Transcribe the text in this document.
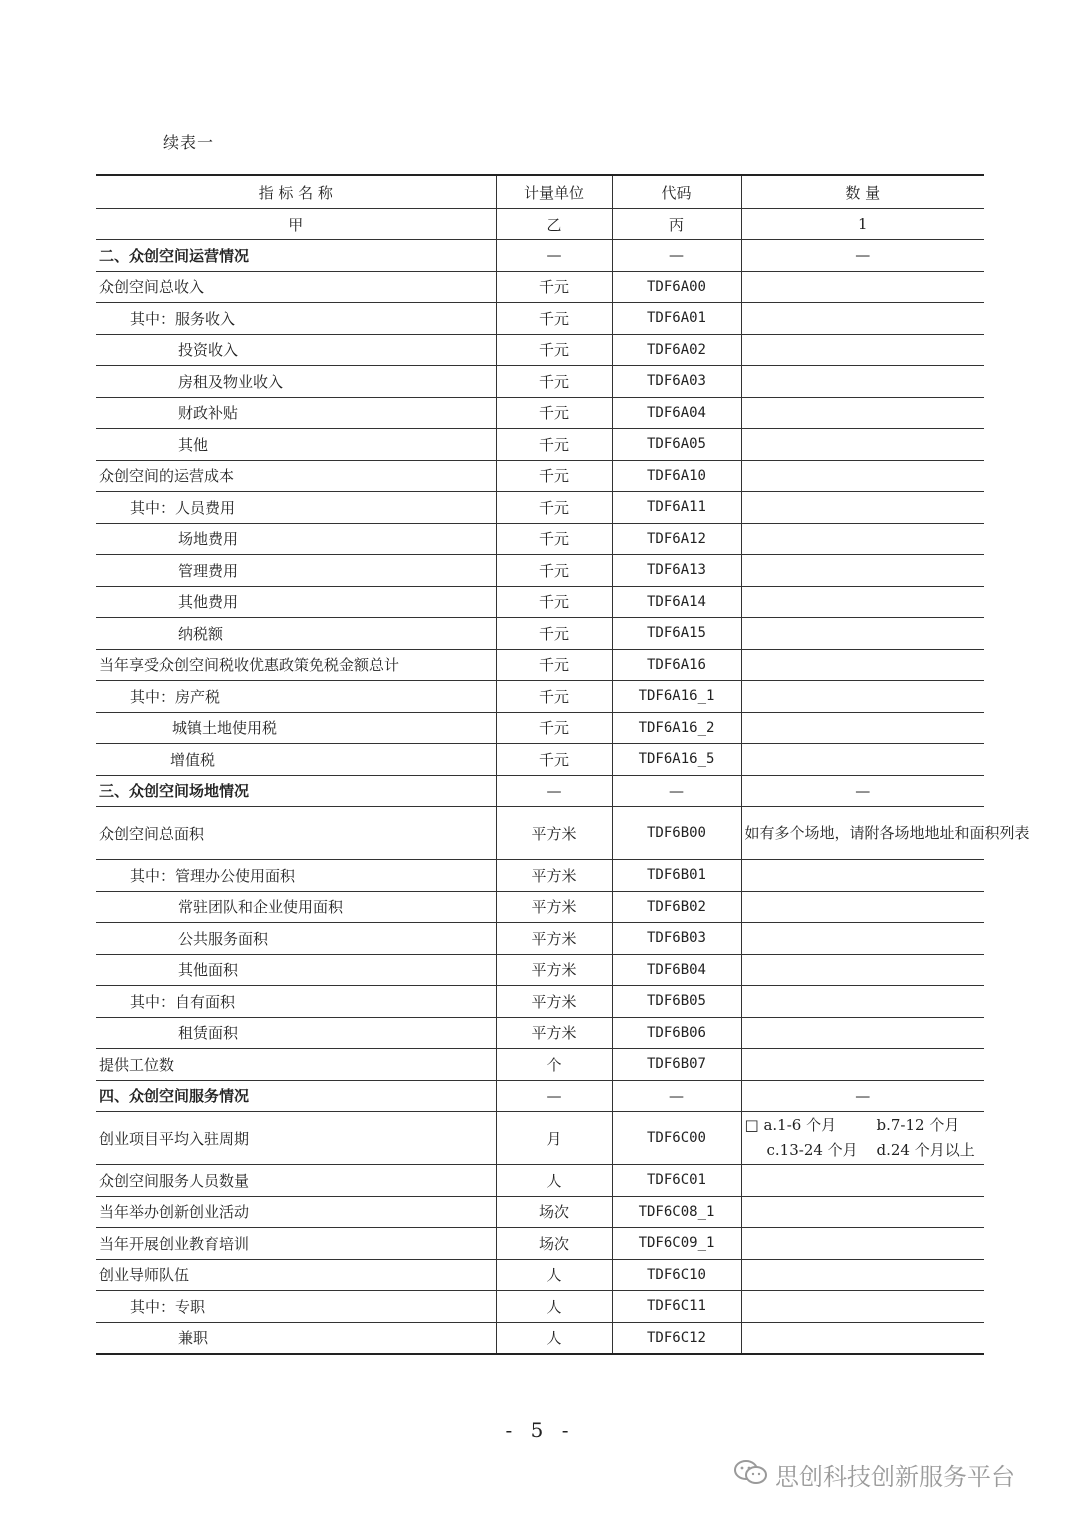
续表一
指 标 名 称	计量单位	代码	数 量
甲	乙	丙	1
二、众创空间运营情况	—	—	—
众创空间总收入	千元	TDF6A00	
其中：服务收入	千元	TDF6A01	
投资收入	千元	TDF6A02	
房租及物业收入	千元	TDF6A03	
财政补贴	千元	TDF6A04	
其他	千元	TDF6A05	
众创空间的运营成本	千元	TDF6A10	
其中：人员费用	千元	TDF6A11	
场地费用	千元	TDF6A12	
管理费用	千元	TDF6A13	
其他费用	千元	TDF6A14	
纳税额	千元	TDF6A15	
当年享受众创空间税收优惠政策免税金额总计	千元	TDF6A16	
其中：房产税	千元	TDF6A16_1	
城镇土地使用税	千元	TDF6A16_2	
增值税	千元	TDF6A16_5	
三、众创空间场地情况	—	—	—
众创空间总面积	平方米	TDF6B00	如有多个场地，请附各场地地址和面积列表
其中：管理办公使用面积	平方米	TDF6B01	
常驻团队和企业使用面积	平方米	TDF6B02	
公共服务面积	平方米	TDF6B03	
其他面积	平方米	TDF6B04	
其中：自有面积	平方米	TDF6B05	
租赁面积	平方米	TDF6B06	
提供工位数	个	TDF6B07	
四、众创空间服务情况	—	—	—
创业项目平均入驻周期	月	TDF6C00	□ a.1-6 个月 b.7-12 个月
c.13-24 个月 d.24 个月以上

众创空间服务人员数量	人	TDF6C01	
当年举办创新创业活动	场次	TDF6C08_1	
当年开展创业教育培训	场次	TDF6C09_1	
创业导师队伍	人	TDF6C10	
其中：专职	人	TDF6C11	
兼职	人	TDF6C12	
- 5 -
思创科技创新服务平台
